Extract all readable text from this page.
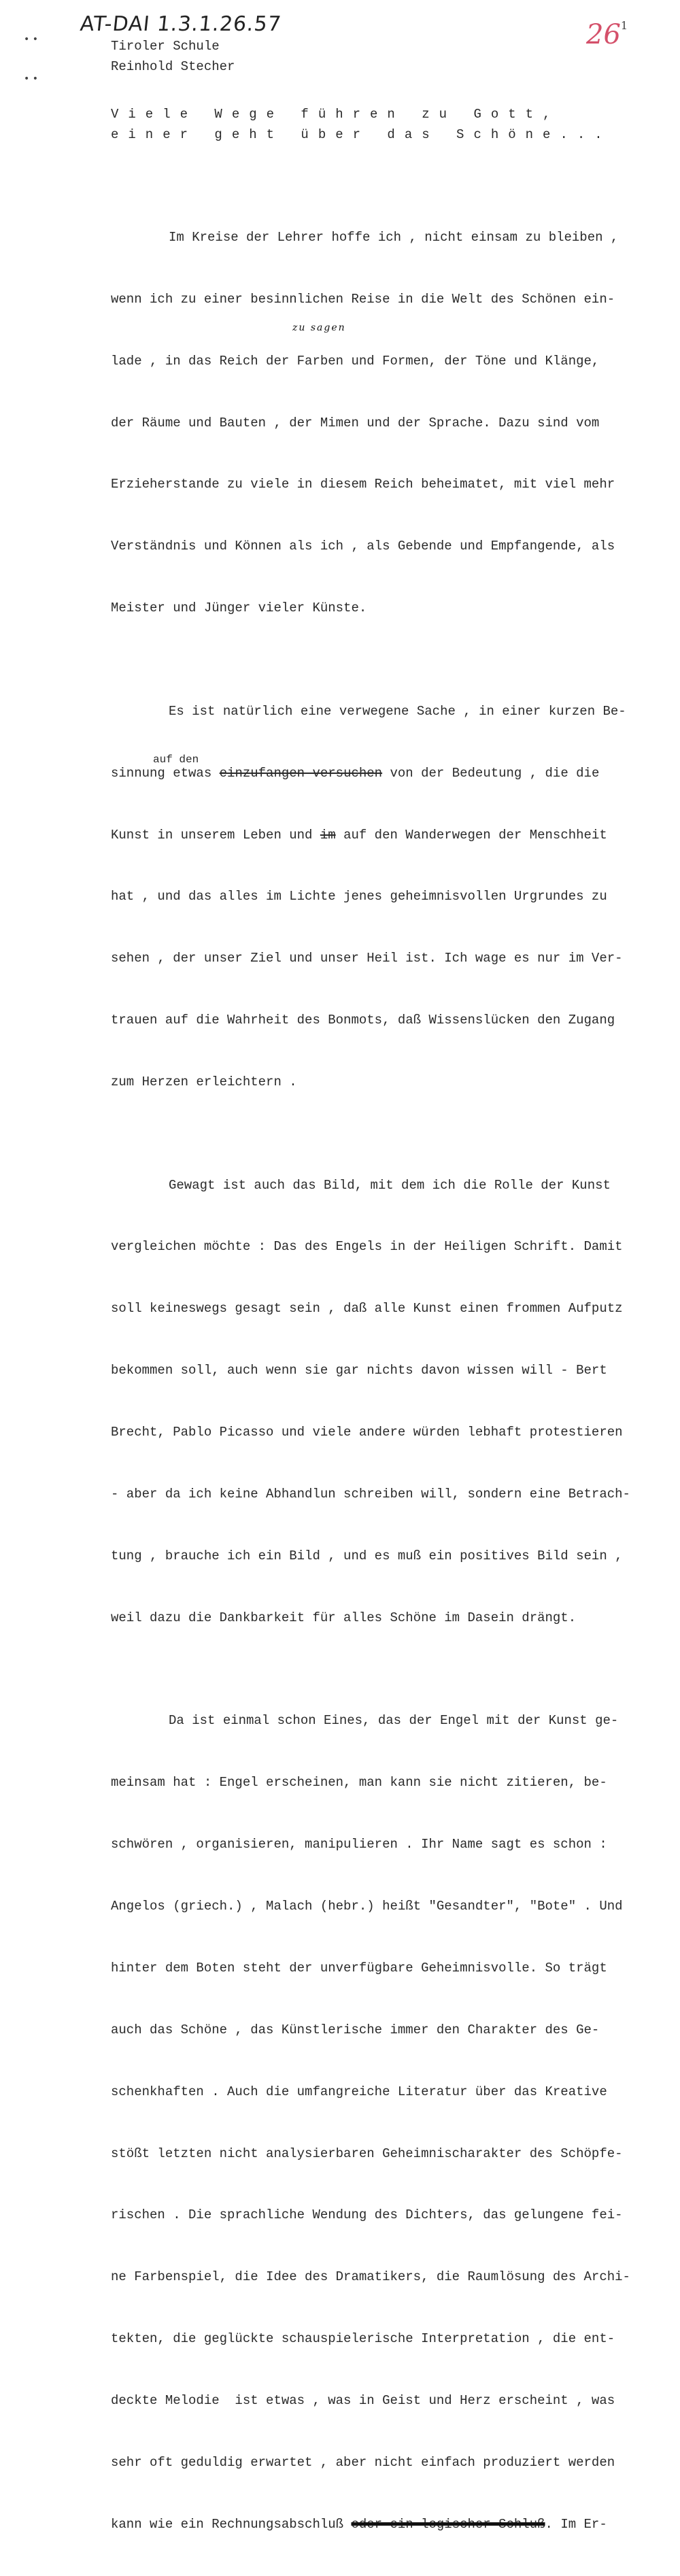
AT-DAI 1.3.1.26.57	$26^1$
• •
• •
Tiroler Schule
Reinhold Stecher
Viele Wege führen zu Gott,
einer geht über das Schöne...
zu sagen
auf den

Im Kreise der Lehrer hoffe ich , nicht einsam zu bleiben ,

wenn ich zu einer besinnlichen Reise in die Welt des Schönen ein-

lade , in das Reich der Farben und Formen, der Töne und Klänge,

der Räume und Bauten , der Mimen und der Sprache. Dazu sind vom

Erzieherstande zu viele in diesem Reich beheimatet, mit viel mehr

Verständnis und Können als ich , als Gebende und Empfangende, als

Meister und Jünger vieler Künste.

Es ist natürlich eine verwegene Sache , in einer kurzen Be-

sinnung etwas einzufangen versuchen von der Bedeutung , die die

Kunst in unserem Leben und im auf den Wanderwegen der Menschheit

hat , und das alles im Lichte jenes geheimnisvollen Urgrundes zu

sehen , der unser Ziel und unser Heil ist. Ich wage es nur im Ver-

trauen auf die Wahrheit des Bonmots, daß Wissenslücken den Zugang

zum Herzen erleichtern .

Gewagt ist auch das Bild, mit dem ich die Rolle der Kunst

vergleichen möchte : Das des Engels in der Heiligen Schrift. Damit

soll keineswegs gesagt sein , daß alle Kunst einen frommen Aufputz

bekommen soll, auch wenn sie gar nichts davon wissen will - Bert

Brecht, Pablo Picasso und viele andere würden lebhaft protestieren

- aber da ich keine Abhandlun schreiben will, sondern eine Betrach-

tung , brauche ich ein Bild , und es muß ein positives Bild sein ,

weil dazu die Dankbarkeit für alles Schöne im Dasein drängt.

Da ist einmal schon Eines, das der Engel mit der Kunst ge-

meinsam hat : Engel erscheinen, man kann sie nicht zitieren, be-

schwören , organisieren, manipulieren . Ihr Name sagt es schon :

Angelos (griech.) , Malach (hebr.) heißt "Gesandter", "Bote" . Und

hinter dem Boten steht der unverfügbare Geheimnisvolle. So trägt

auch das Schöne , das Künstlerische immer den Charakter des Ge-

schenkhaften . Auch die umfangreiche Literatur über das Kreative

stößt letzten nicht analysierbaren Geheimnischarakter des Schöpfe-

rischen . Die sprachliche Wendung des Dichters, das gelungene fei-

ne Farbenspiel, die Idee des Dramatikers, die Raumlösung des Archi-

tekten, die geglückte schauspielerische Interpretation , die ent-

deckte Melodie  ist etwas , was in Geist und Herz erscheint , was

sehr oft geduldig erwartet , aber nicht einfach produziert werden

kann wie ein Rechnungsabschluß oder ein logischer Schluß. Im Er-
